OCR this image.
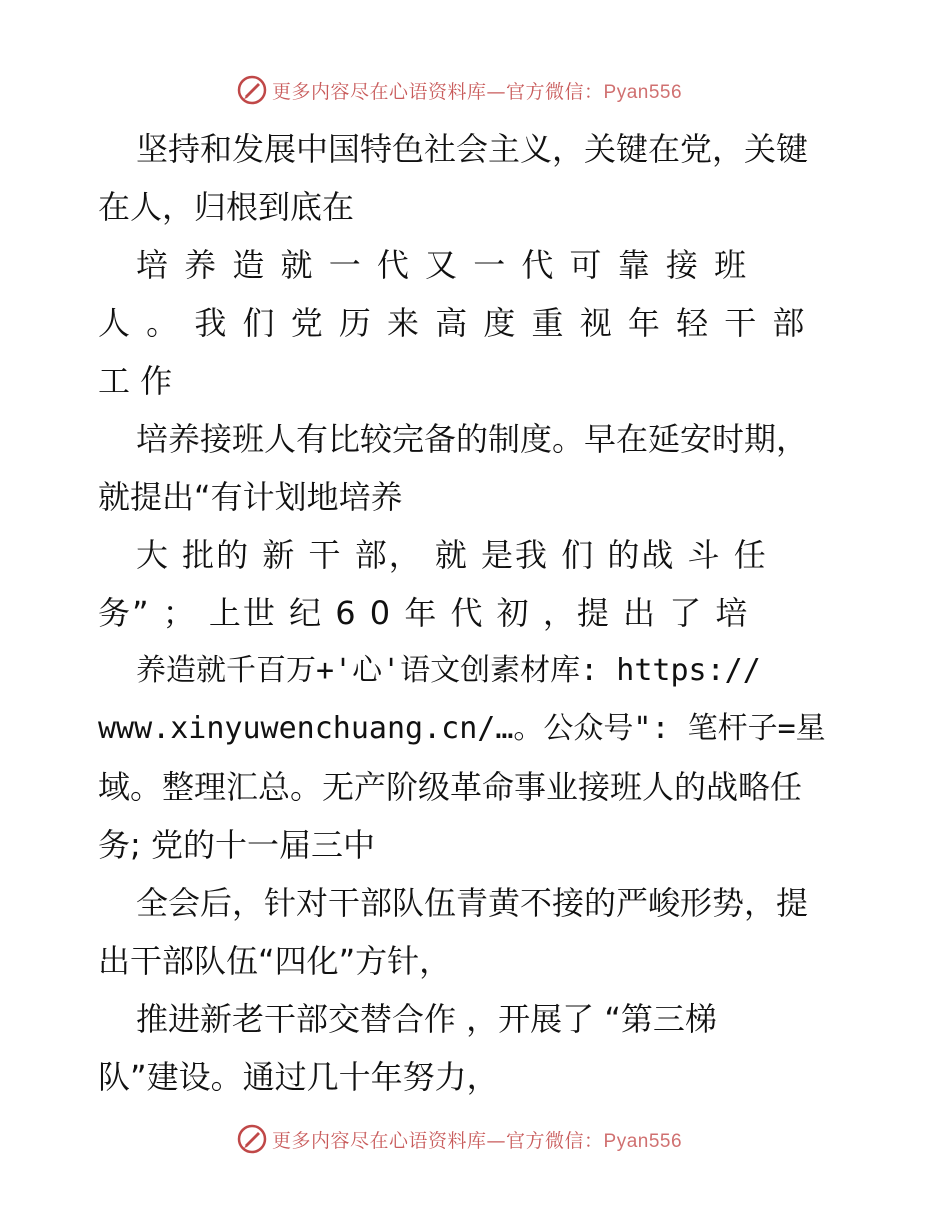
更多内容尽在心语资料库—官方微信：Pyan556
坚持和发展中国特色社会主义，关键在党，关键
在人，归根到底在
培 养 造 就 一 代 又 一 代 可 靠 接 班
人 。 我 们 党 历 来 高 度 重 视 年 轻 干 部
工 作
培养接班人有比较完备的制度。早在延安时期，
就提出“有计划地培养
大 批的 新 干 部， 就 是我 们 的战 斗 任
务” ； 上世 纪 6 0 年 代 初 ，提 出 了 培
养造就千百万+'心'语文创素材库: https://
www.xinyuwenchuang.cn/…。公众号": 笔杆子=星
域。整理汇总。无产阶级革命事业接班人的战略任
务; 党的十一届三中
全会后，针对干部队伍青黄不接的严峻形势，提
出干部队伍“四化”方针，
推进新老干部交替合作 ，开展了 “第三梯
队”建设。通过几十年努力，
更多内容尽在心语资料库—官方微信：Pyan556
